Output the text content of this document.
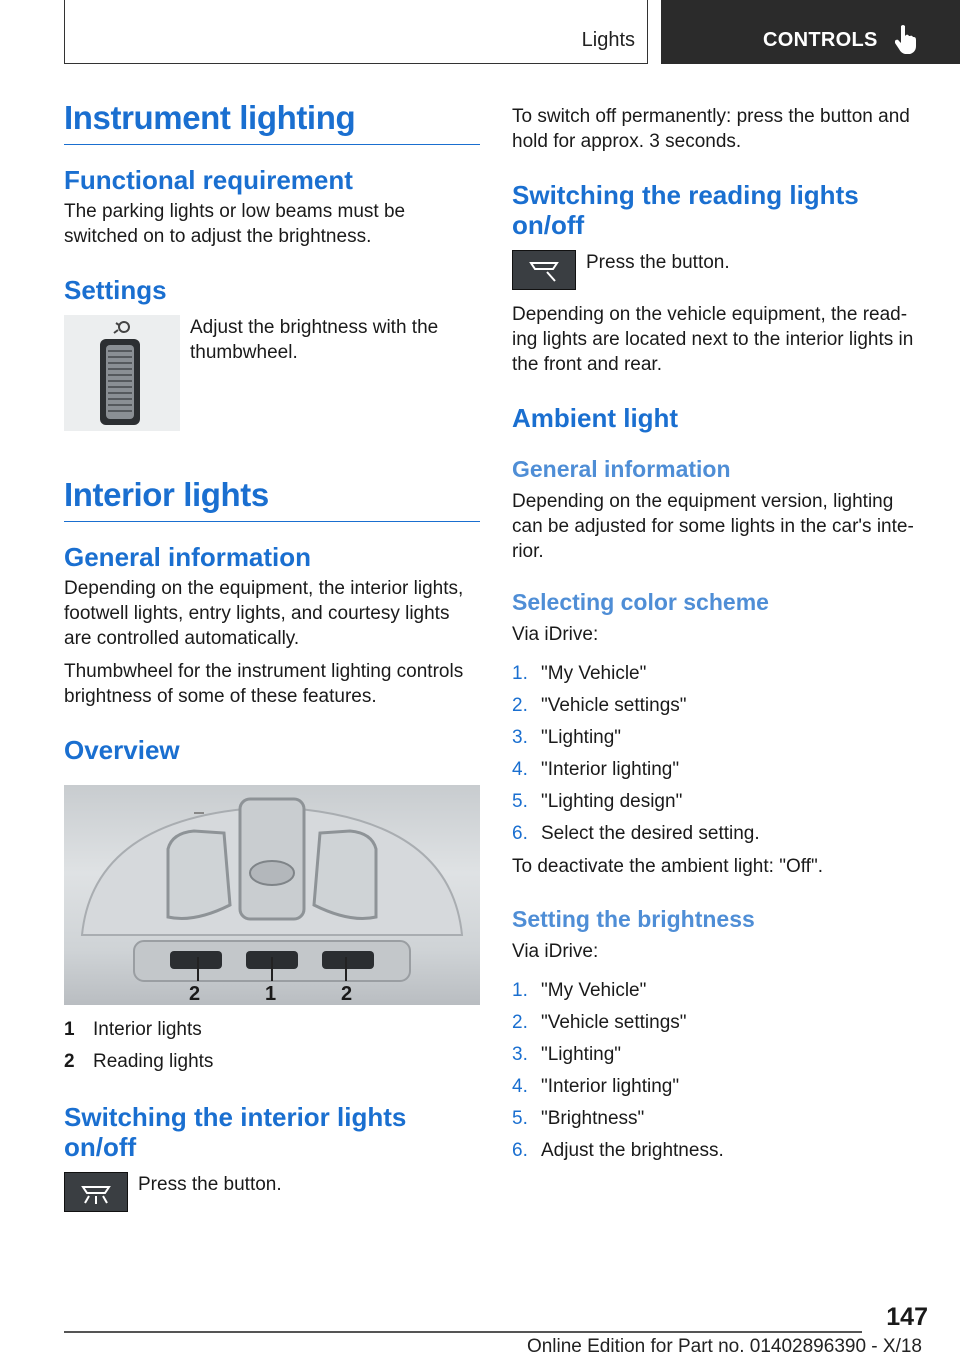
Lights	CONTROLS
Instrument lighting
Functional requirement

The parking lights or low beams must be switched on to adjust the brightness.

Settings

Adjust the brightness with the thumbwheel.

Interior lights
General information

Depending on the equipment, the interior lights, footwell lights, entry lights, and courtesy lights are controlled automatically.

Thumbwheel for the instrument lighting controls brightness of some of these features.

Overview
2	1	2
1 Interior lights
2 Reading lights
Switching the interior lights on/off

Press the button.

To switch off permanently: press the button and hold for approx. 3 seconds.

Switching the reading lights on/off

Press the button.

Depending on the vehicle equipment, the reading lights are located next to the interior lights in the front and rear.

Ambient light
General information

Depending on the equipment version, lighting can be adjusted for some lights in the car's interior.

Selecting color scheme

Via iDrive:

1. "My Vehicle"
2. "Vehicle settings"
3. "Lighting"
4. "Interior lighting"
5. "Lighting design"
6. Select the desired setting.

To deactivate the ambient light: "Off".

Setting the brightness

Via iDrive:

1. "My Vehicle"
2. "Vehicle settings"
3. "Lighting"
4. "Interior lighting"
5. "Brightness"
6. Adjust the brightness.
147
Online Edition for Part no. 01402896390 - X/18
